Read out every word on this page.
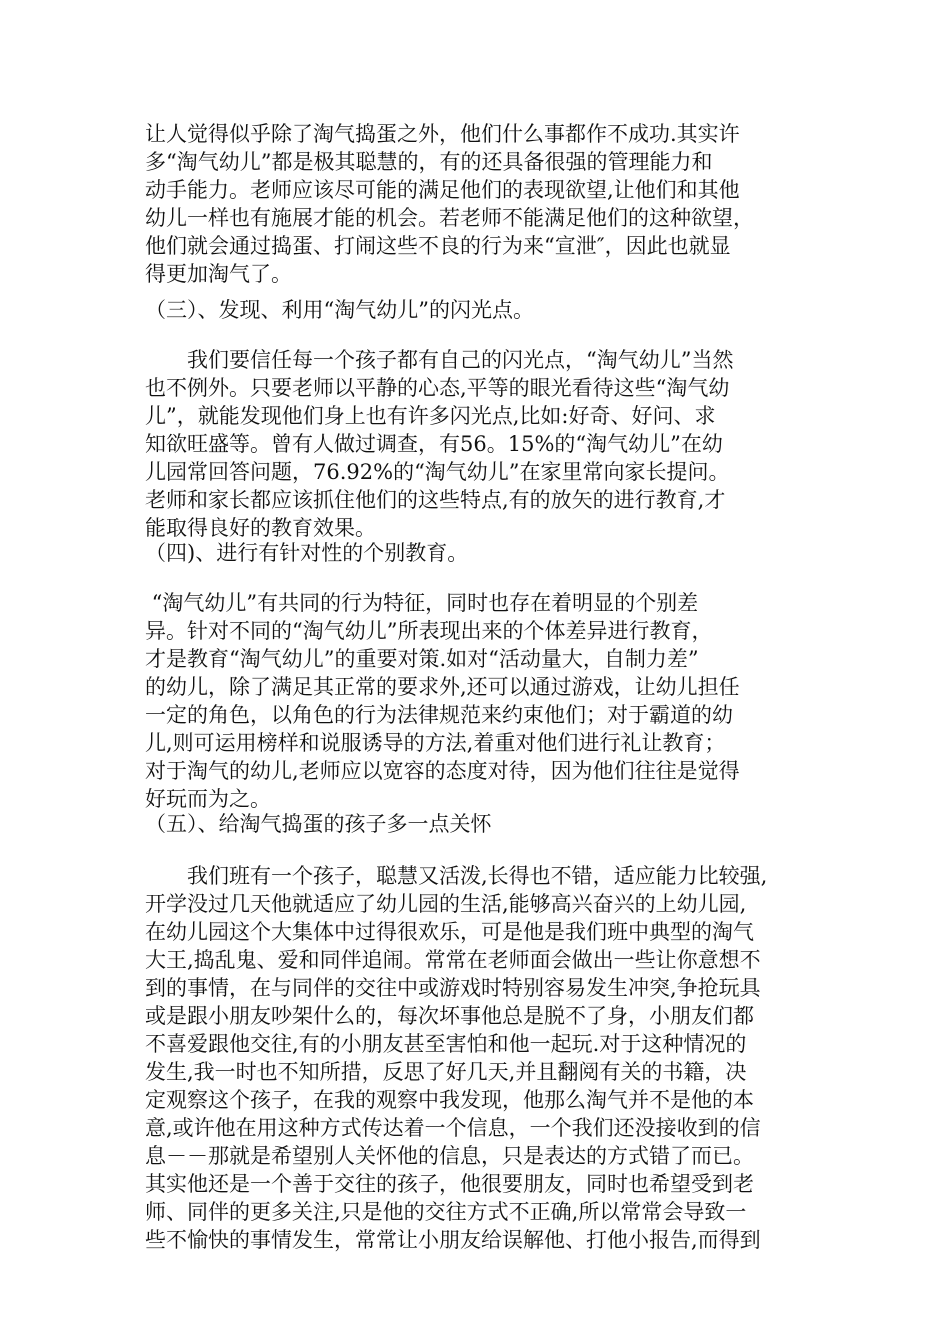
让人觉得似乎除了淘气捣蛋之外，他们什么事都作不成功.其实许
多“淘气幼儿”都是极其聪慧的，有的还具备很强的管理能力和
动手能力。老师应该尽可能的满足他们的表现欲望,让他们和其他
幼儿一样也有施展才能的机会。若老师不能满足他们的这种欲望，
他们就会通过捣蛋、打闹这些不良的行为来“宣泄″，因此也就显
得更加淘气了。
（三）、发现、利用“淘气幼儿”的闪光点。
　　我们要信任每一个孩子都有自己的闪光点，“淘气幼儿”当然
也不例外。只要老师以平静的心态,平等的眼光看待这些“淘气幼
儿”，就能发现他们身上也有许多闪光点,比如:好奇、好问、求
知欲旺盛等。曾有人做过调查，有56。15%的“淘气幼儿”在幼
儿园常回答问题，76.92%的“淘气幼儿”在家里常向家长提问。
老师和家长都应该抓住他们的这些特点,有的放矢的进行教育,才
能取得良好的教育效果。
（四)、进行有针对性的个别教育。
“淘气幼儿”有共同的行为特征，同时也存在着明显的个别差
异。针对不同的“淘气幼儿”所表现出来的个体差异进行教育，
才是教育“淘气幼儿”的重要对策.如对“活动量大，自制力差”
的幼儿，除了满足其正常的要求外,还可以通过游戏，让幼儿担任
一定的角色，以角色的行为法律规范来约束他们；对于霸道的幼
儿,则可运用榜样和说服诱导的方法,着重对他们进行礼让教育；
对于淘气的幼儿,老师应以宽容的态度对待，因为他们往往是觉得
好玩而为之。
（五）、给淘气捣蛋的孩子多一点关怀
　　我们班有一个孩子，聪慧又活泼,长得也不错，适应能力比较强,
开学没过几天他就适应了幼儿园的生活,能够高兴奋兴的上幼儿园,
在幼儿园这个大集体中过得很欢乐，可是他是我们班中典型的淘气
大王,捣乱鬼、爱和同伴追闹。常常在老师面会做出一些让你意想不
到的事情，在与同伴的交往中或游戏时特别容易发生冲突,争抢玩具
或是跟小朋友吵架什么的，每次坏事他总是脱不了身，小朋友们都
不喜爱跟他交往,有的小朋友甚至害怕和他一起玩.对于这种情况的
发生,我一时也不知所措，反思了好几天,并且翻阅有关的书籍，决
定观察这个孩子，在我的观察中我发现，他那么淘气并不是他的本
意,或许他在用这种方式传达着一个信息，一个我们还没接收到的信
息－－那就是希望别人关怀他的信息，只是表达的方式错了而已。
其实他还是一个善于交往的孩子，他很要朋友，同时也希望受到老
师、同伴的更多关注,只是他的交往方式不正确,所以常常会导致一
些不愉快的事情发生，常常让小朋友给误解他、打他小报告,而得到
